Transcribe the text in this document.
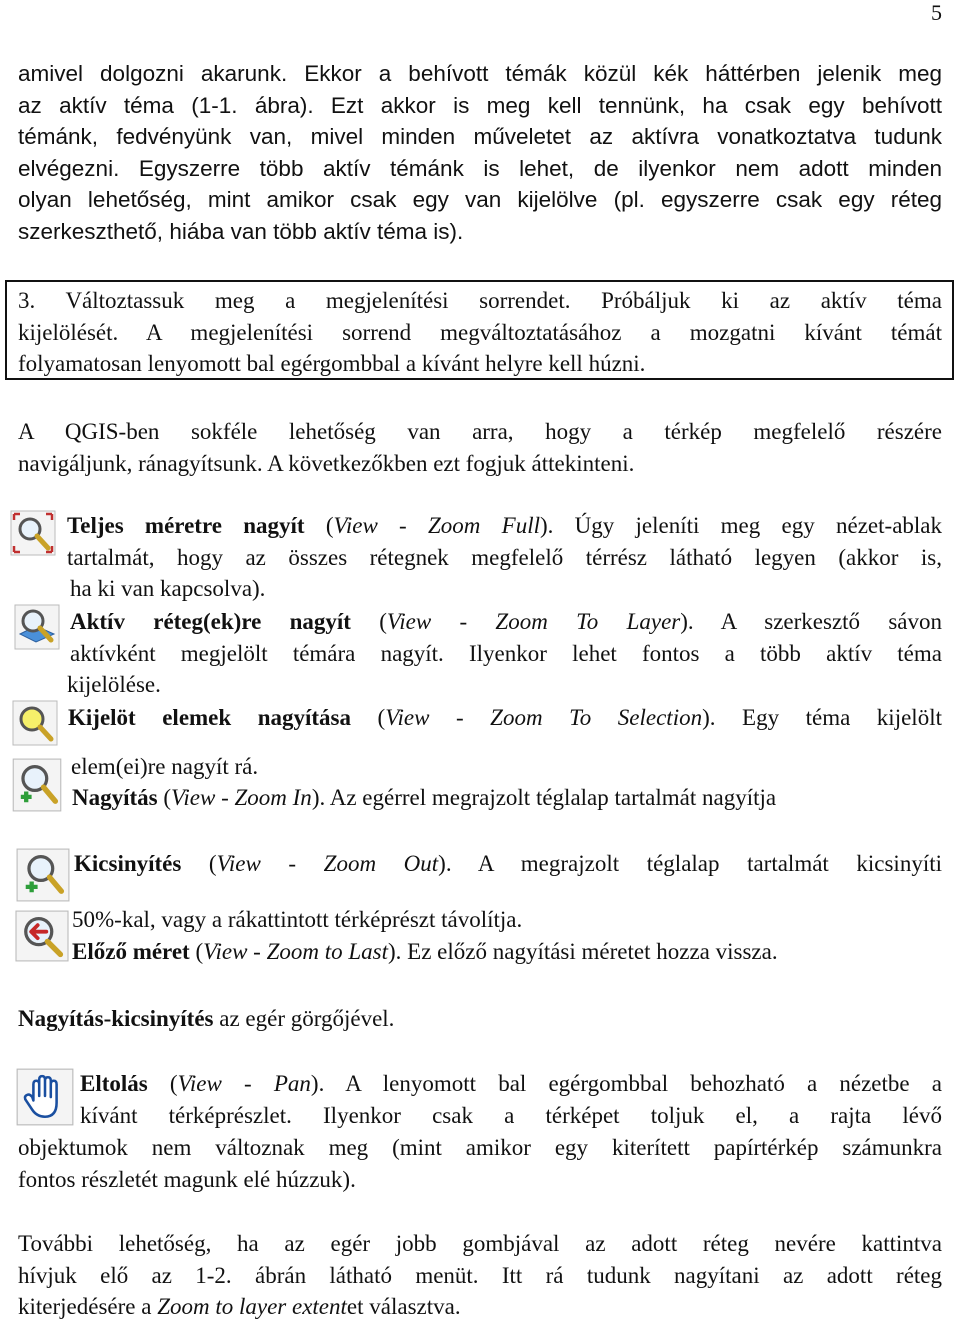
5
amivel dolgozni akarunk. Ekkor a behívott témák közül kék háttérben jelenik meg
az aktív téma (1-1. ábra). Ezt akkor is meg kell tennünk, ha csak egy behívott
témánk, fedvényünk van, mivel minden műveletet az aktívra vonatkoztatva tudunk
elvégezni. Egyszerre több aktív témánk is lehet, de ilyenkor nem adott minden
olyan lehetőség, mint amikor csak egy van kijelölve (pl. egyszerre csak egy réteg
szerkeszthető, hiába van több aktív téma is).
3. Változtassuk meg a megjelenítési sorrendet. Próbáljuk ki az aktív téma
kijelölését. A megjelenítési sorrend megváltoztatásához a mozgatni kívánt témát
folyamatosan lenyomott bal egérgombbal a kívánt helyre kell húzni.
A QGIS-ben sokféle lehetőség van arra, hogy a térkép megfelelő részére
navigáljunk, ránagyítsunk. A következőkben ezt fogjuk áttekinteni.
Teljes méretre nagyít (View - Zoom Full). Úgy jeleníti meg egy nézet-ablak
tartalmát, hogy az összes rétegnek megfelelő térrész látható legyen (akkor is,
ha ki van kapcsolva).
Aktív réteg(ek)re nagyít (View - Zoom To Layer). A szerkesztő sávon
aktívként megjelölt témára nagyít. Ilyenkor lehet fontos a több aktív téma
kijelölése.
Kijelöt elemek nagyítása (View - Zoom To Selection). Egy téma kijelölt
elem(ei)re nagyít rá.
Nagyítás (View - Zoom In). Az egérrel megrajzolt téglalap tartalmát nagyítja
Kicsinyítés (View - Zoom Out). A megrajzolt téglalap tartalmát kicsinyíti
50%-kal, vagy a rákattintott térképrészt távolítja.
Előző méret (View - Zoom to Last). Ez előző nagyítási méretet hozza vissza.
Nagyítás-kicsinyítés az egér görgőjével.
Eltolás (View - Pan). A lenyomott bal egérgombbal behozható a nézetbe a
kívánt térképrészlet. Ilyenkor csak a térképet toljuk el, a rajta lévő
objektumok nem változnak meg (mint amikor egy kiterített papírtérkép számunkra
fontos részletét magunk elé húzzuk).
További lehetőség, ha az egér jobb gombjával az adott réteg nevére kattintva
hívjuk elő az 1-2. ábrán látható menüt. Itt rá tudunk nagyítani az adott réteg
kiterjedésére a Zoom to layer extentet választva.
